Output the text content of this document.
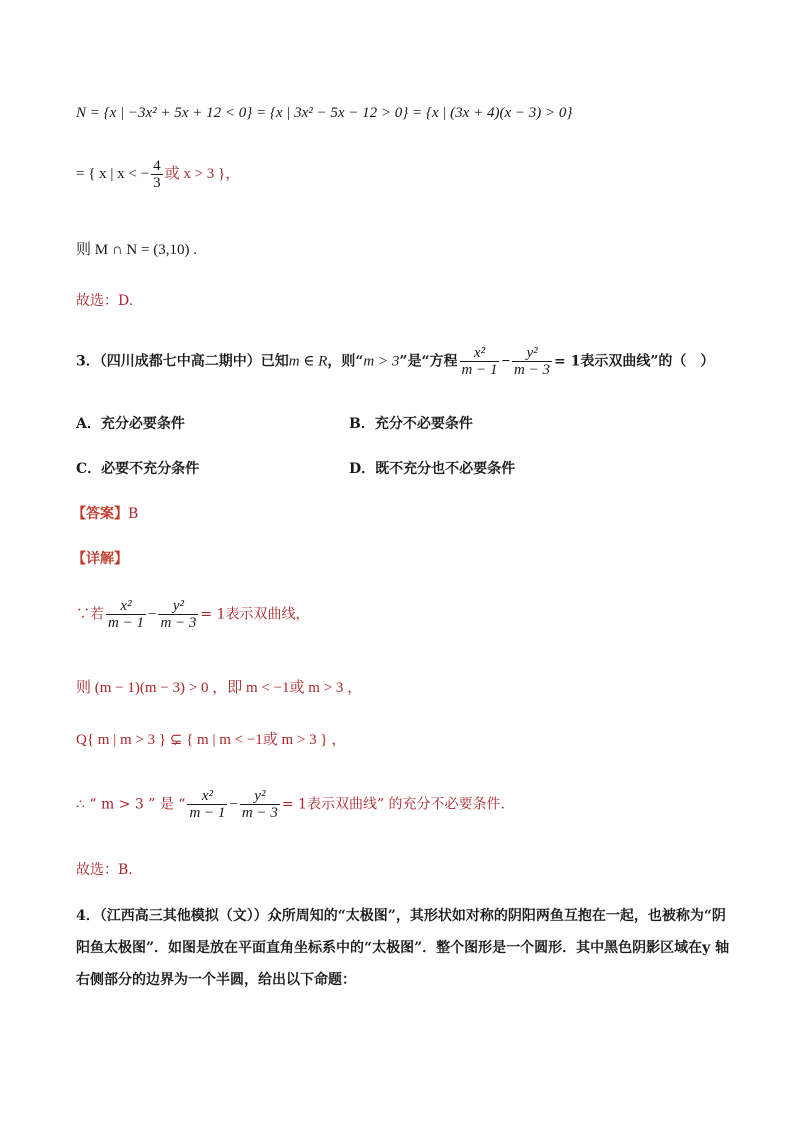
N = {x | −3x² + 5x + 12 < 0} = {x | 3x² − 5x − 12 > 0} = {x | (3x + 4)(x − 3) > 0}
= { x | x < − $\frac{4}{3}$ 或 x > 3 }，
则 M ∩ N = (3,10) .
故选：D.
3．（四川成都七中高二期中）已知m ∈ R，则“m > 3”是“方程 $\frac{\text{x²}}{m - 1} - \frac{\text{y²}}{m - 3} = 1$表示双曲线”的（　）
A．充分必要条件	B．充分不必要条件
C．必要不充分条件	D．既不充分也不必要条件
【答案】B
【详解】
∵若 $\frac{\text{x²}}{m - 1} - \frac{\text{y²}}{m - 3} = 1$表示双曲线，
则 (m − 1)(m − 3) > 0 ，即 m < −1或 m > 3 ，
Q{ m | m > 3 } ⊊ { m | m < −1或 m > 3 } ，
∴ “ m > 3 ” 是 “ $\frac{\text{x²}}{m - 1} - \frac{\text{y²}}{m - 3} = 1$表示双曲线” 的充分不必要条件.
故选：B.
4．（江西高三其他模拟（文））众所周知的“太极图”，其形状如对称的阴阳两鱼互抱在一起，也被称为“阴
阳鱼太极图”．如图是放在平面直角坐标系中的“太极图”．整个图形是一个圆形．其中黑色阴影区域在y 轴
右侧部分的边界为一个半圆，给出以下命题：
